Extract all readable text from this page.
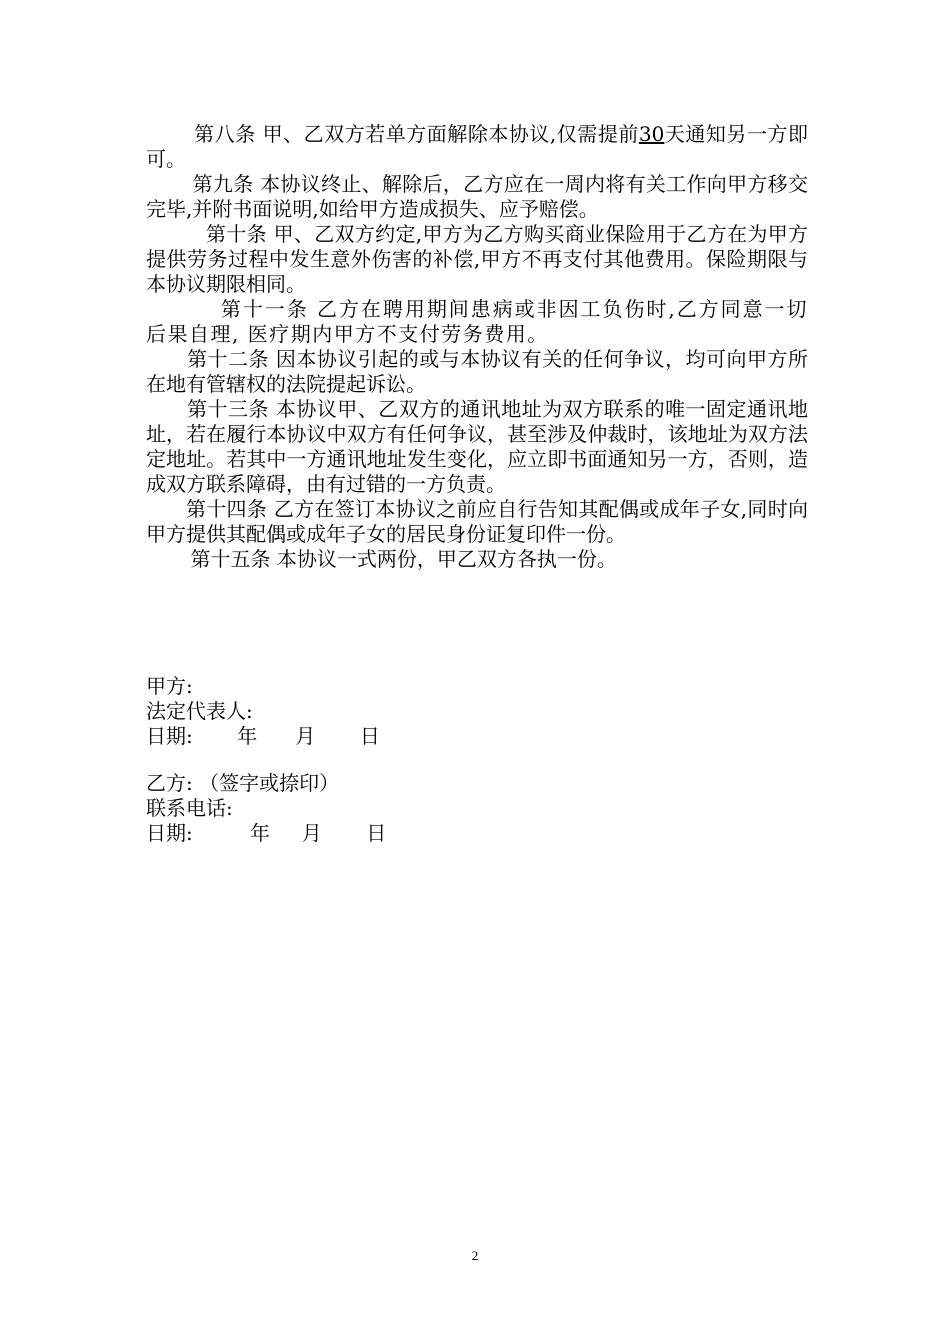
第八条 甲、乙双方若单方面解除本协议,仅需提前30天通知另一方即可。

第九条 本协议终止、解除后，乙方应在一周内将有关工作向甲方移交完毕,并附书面说明,如给甲方造成损失、应予赔偿。

第十条 甲、乙双方约定,甲方为乙方购买商业保险用于乙方在为甲方提供劳务过程中发生意外伤害的补偿,甲方不再支付其他费用。保险期限与本协议期限相同。

第十一条 乙方在聘用期间患病或非因工负伤时,乙方同意一切后果自理, 医疗期内甲方不支付劳务费用。

第十二条 因本协议引起的或与本协议有关的任何争议，均可向甲方所在地有管辖权的法院提起诉讼。

第十三条 本协议甲、乙双方的通讯地址为双方联系的唯一固定通讯地址，若在履行本协议中双方有任何争议，甚至涉及仲裁时，该地址为双方法定地址。若其中一方通讯地址发生变化，应立即书面通知另一方，否则，造成双方联系障碍，由有过错的一方负责。

第十四条 乙方在签订本协议之前应自行告知其配偶或成年子女,同时向甲方提供其配偶或成年子女的居民身份证复印件一份。

第十五条 本协议一式两份，甲乙双方各执一份。

甲方:
法定代表人:
日期:       年      月       日
乙方: （签字或捺印）
联系电话:
日期:         年     月       日
2
